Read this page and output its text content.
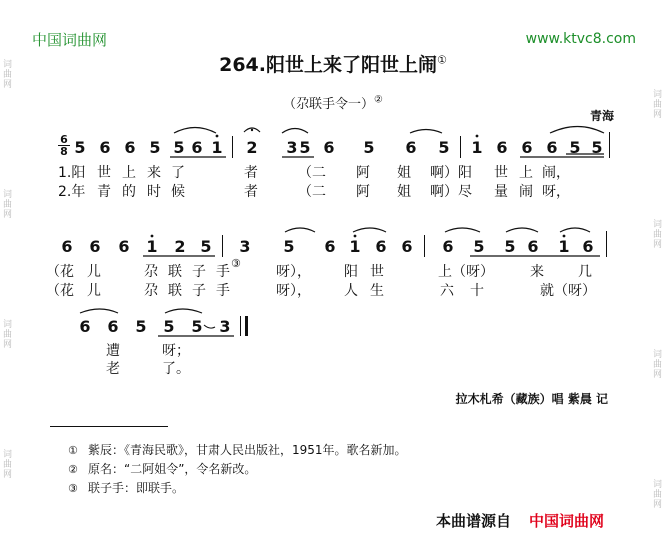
词曲网
词曲网
词曲网
词曲网
词曲网
词曲网
词曲网
词曲网
中国词曲网	www.ktvc8.com
264.阳世上来了阳世上闹①
（尕联手令一）②
青海
6
8 5 6 6 5 5 6 1 2 3 5 6 5 6 5 1 6 6 6 5 5
1.阳 世 上 来 了	者	（二 阿 姐 啊）阳 世 上 闹，
2.年 青 的 时 候	者	（二 阿 姐 啊）尽 量 闹 呀，
6 6 6 1 2 5 3 5 6 1 6 6 6 5 5 6 1 6
（花 儿	尕 联 子 手
③
呀）， 阳 世	上（呀）	来 几
（花 儿	尕 联 子 手	呀）， 人 生	六 十	就（呀）
6 6 5 5 5 3
遭	呀；
老	了。
拉木札希（藏族）唱 紫晨 记
① 紫辰：《青海民歌》，甘肃人民出版社，1951年。歌名新加。
② 原名：“二阿姐令”，令名新改。
③ 联子手：即联手。
本曲谱源自 中国词曲网
